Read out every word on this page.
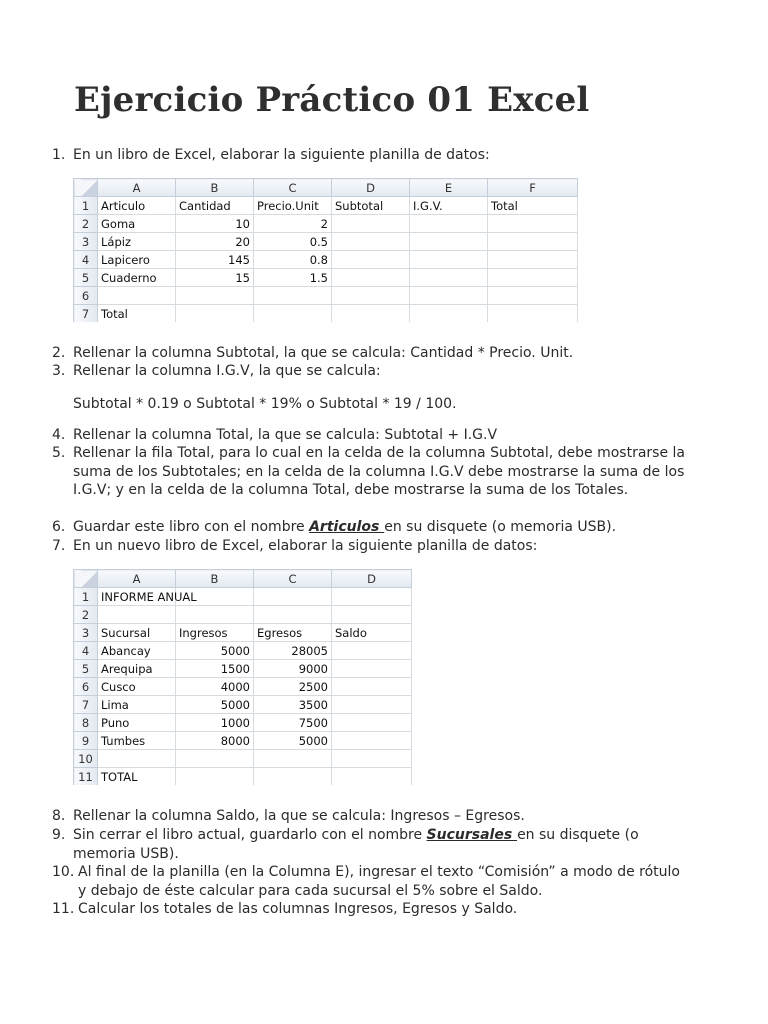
Ejercicio Práctico 01 Excel
1. En un libro de Excel, elaborar la siguiente planilla de datos:
	A	B	C	D	E	F
1	Articulo	Cantidad	Precio.Unit	Subtotal	I.G.V.	Total
2	Goma	10	2			
3	Lápiz	20	0.5			
4	Lapicero	145	0.8			
5	Cuaderno	15	1.5			
6						
7	Total					
2. Rellenar la columna Subtotal, la que se calcula: Cantidad * Precio. Unit.
3. Rellenar la columna I.G.V, la que se calcula:
Subtotal * 0.19 o Subtotal * 19% o Subtotal * 19 / 100.
4. Rellenar la columna Total, la que se calcula: Subtotal + I.G.V
5. Rellenar la fila Total, para lo cual en la celda de la columna Subtotal, debe mostrarse la suma de los Subtotales; en la celda de la columna I.G.V debe mostrarse la suma de los I.G.V; y en la celda de la columna Total, debe mostrarse la suma de los Totales.
6. Guardar este libro con el nombre Articulos en su disquete (o memoria USB).
7. En un nuevo libro de Excel, elaborar la siguiente planilla de datos:
	A	B	C	D
1	INFORME ANUAL			
2				
3	Sucursal	Ingresos	Egresos	Saldo
4	Abancay	5000	28005	
5	Arequipa	1500	9000	
6	Cusco	4000	2500	
7	Lima	5000	3500	
8	Puno	1000	7500	
9	Tumbes	8000	5000	
10				
11	TOTAL			
8. Rellenar la columna Saldo, la que se calcula: Ingresos – Egresos.
9. Sin cerrar el libro actual, guardarlo con el nombre Sucursales en su disquete (o memoria USB).
10. Al final de la planilla (en la Columna E), ingresar el texto “Comisión” a modo de rótulo y debajo de éste calcular para cada sucursal el 5% sobre el Saldo.
11. Calcular los totales de las columnas Ingresos, Egresos y Saldo.
